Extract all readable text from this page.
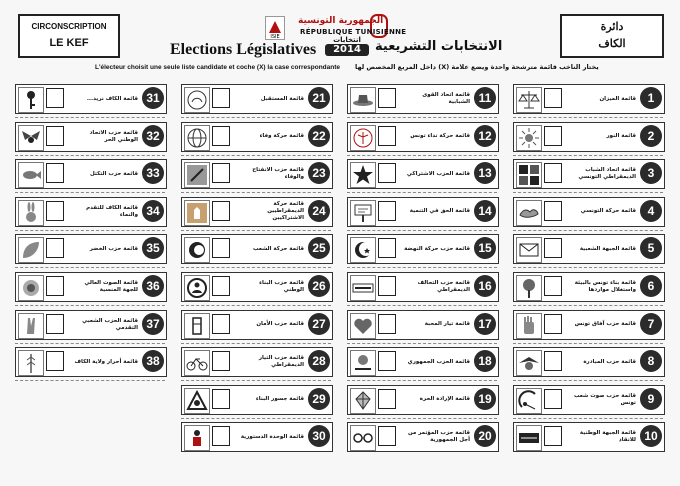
CIRCONSCRIPTION
LE KEF
دائرة
الكاف
ISIE
الجمهورية التونسية
RÉPUBLIQUE TUNISIENNE
Elections Législatives
انتخابات
2014	الانتخابات التشريعية
L'électeur choisit une seule liste candidate et coche (X) la case correspondante يختار الناخب قائمة مترشحة واحدة ويضع علامة (X) داخل المربع المخصص لها
قائمة الميزان 1
قائمة النور 2
قائمة اتحاد الشباب الديمقراطي التونسي 3
قائمة حركة التونسي 4
قائمة الجبهة الشعبية 5
قائمة بناء تونس بالبيئة واستغلال مواردها 6
قائمة حزب آفاق تونس 7
قائمة حزب المبادرة 8
قائمة حزب صوت شعب تونس 9
قائمة الجبهة الوطنية للانقاذ 10
قائمة اتحاد القوى الشبابية 11
قائمة حركة نداء تونس 12
قائمة الحزب الاشتراكي 13
قائمة الحق في التنمية 14
قائمة حزب حركة النهضة 15
قائمة حزب التحالف الديمقراطي 16
قائمة تيار المحبة 17
قائمة الحزب الجمهوري 18
قائمة الإرادة الحرة 19
قائمة حزب المؤتمر من أجل الجمهورية 20
قائمة المستقبل 21
قائمة حركة وفاء 22
قائمة حزب الانفتاح والوفاء 23
قائمة حركة الديمقراطيين الاشتراكيين
24
قائمة حركة الشعب 25
قائمة حزب البناء الوطني 26
قائمة حزب الأمان 27
قائمة حزب التيار الديمقراطي 28
قائمة جسور البناء 29
قائمة الوحدة الدستورية 30
قائمة الكاف نريد... 31
قائمة حزب الاتحاد الوطني الحر 32
قائمة حزب التكتل 33
قائمة الكاف للتقدم والنماء 34
قائمة حزب الخضر 35
قائمة الصوت العالي للجهة المنسية 36
قائمة الحزب الشعبي التقدمي 37
قائمة أحرار ولاية الكاف 38
